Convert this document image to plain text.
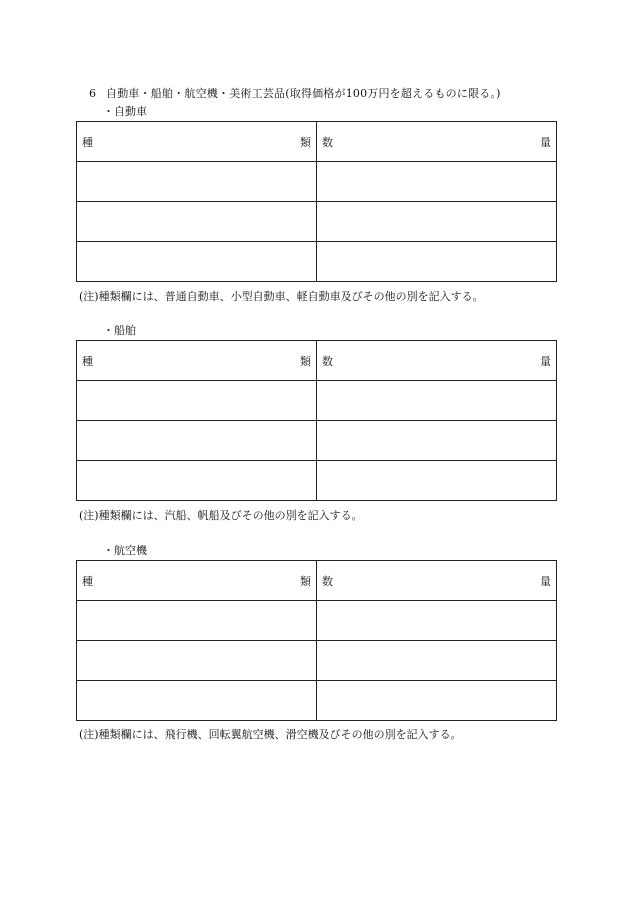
6 自動車・船舶・航空機・美術工芸品(取得価格が100万円を超えるものに限る。)
・自動車
種 類	数 量

(注)種類欄には、普通自動車、小型自動車、軽自動車及びその他の別を記入する。
・船舶
種 類	数 量

(注)種類欄には、汽船、帆船及びその他の別を記入する。
・航空機
種 類	数 量

(注)種類欄には、飛行機、回転翼航空機、滑空機及びその他の別を記入する。
